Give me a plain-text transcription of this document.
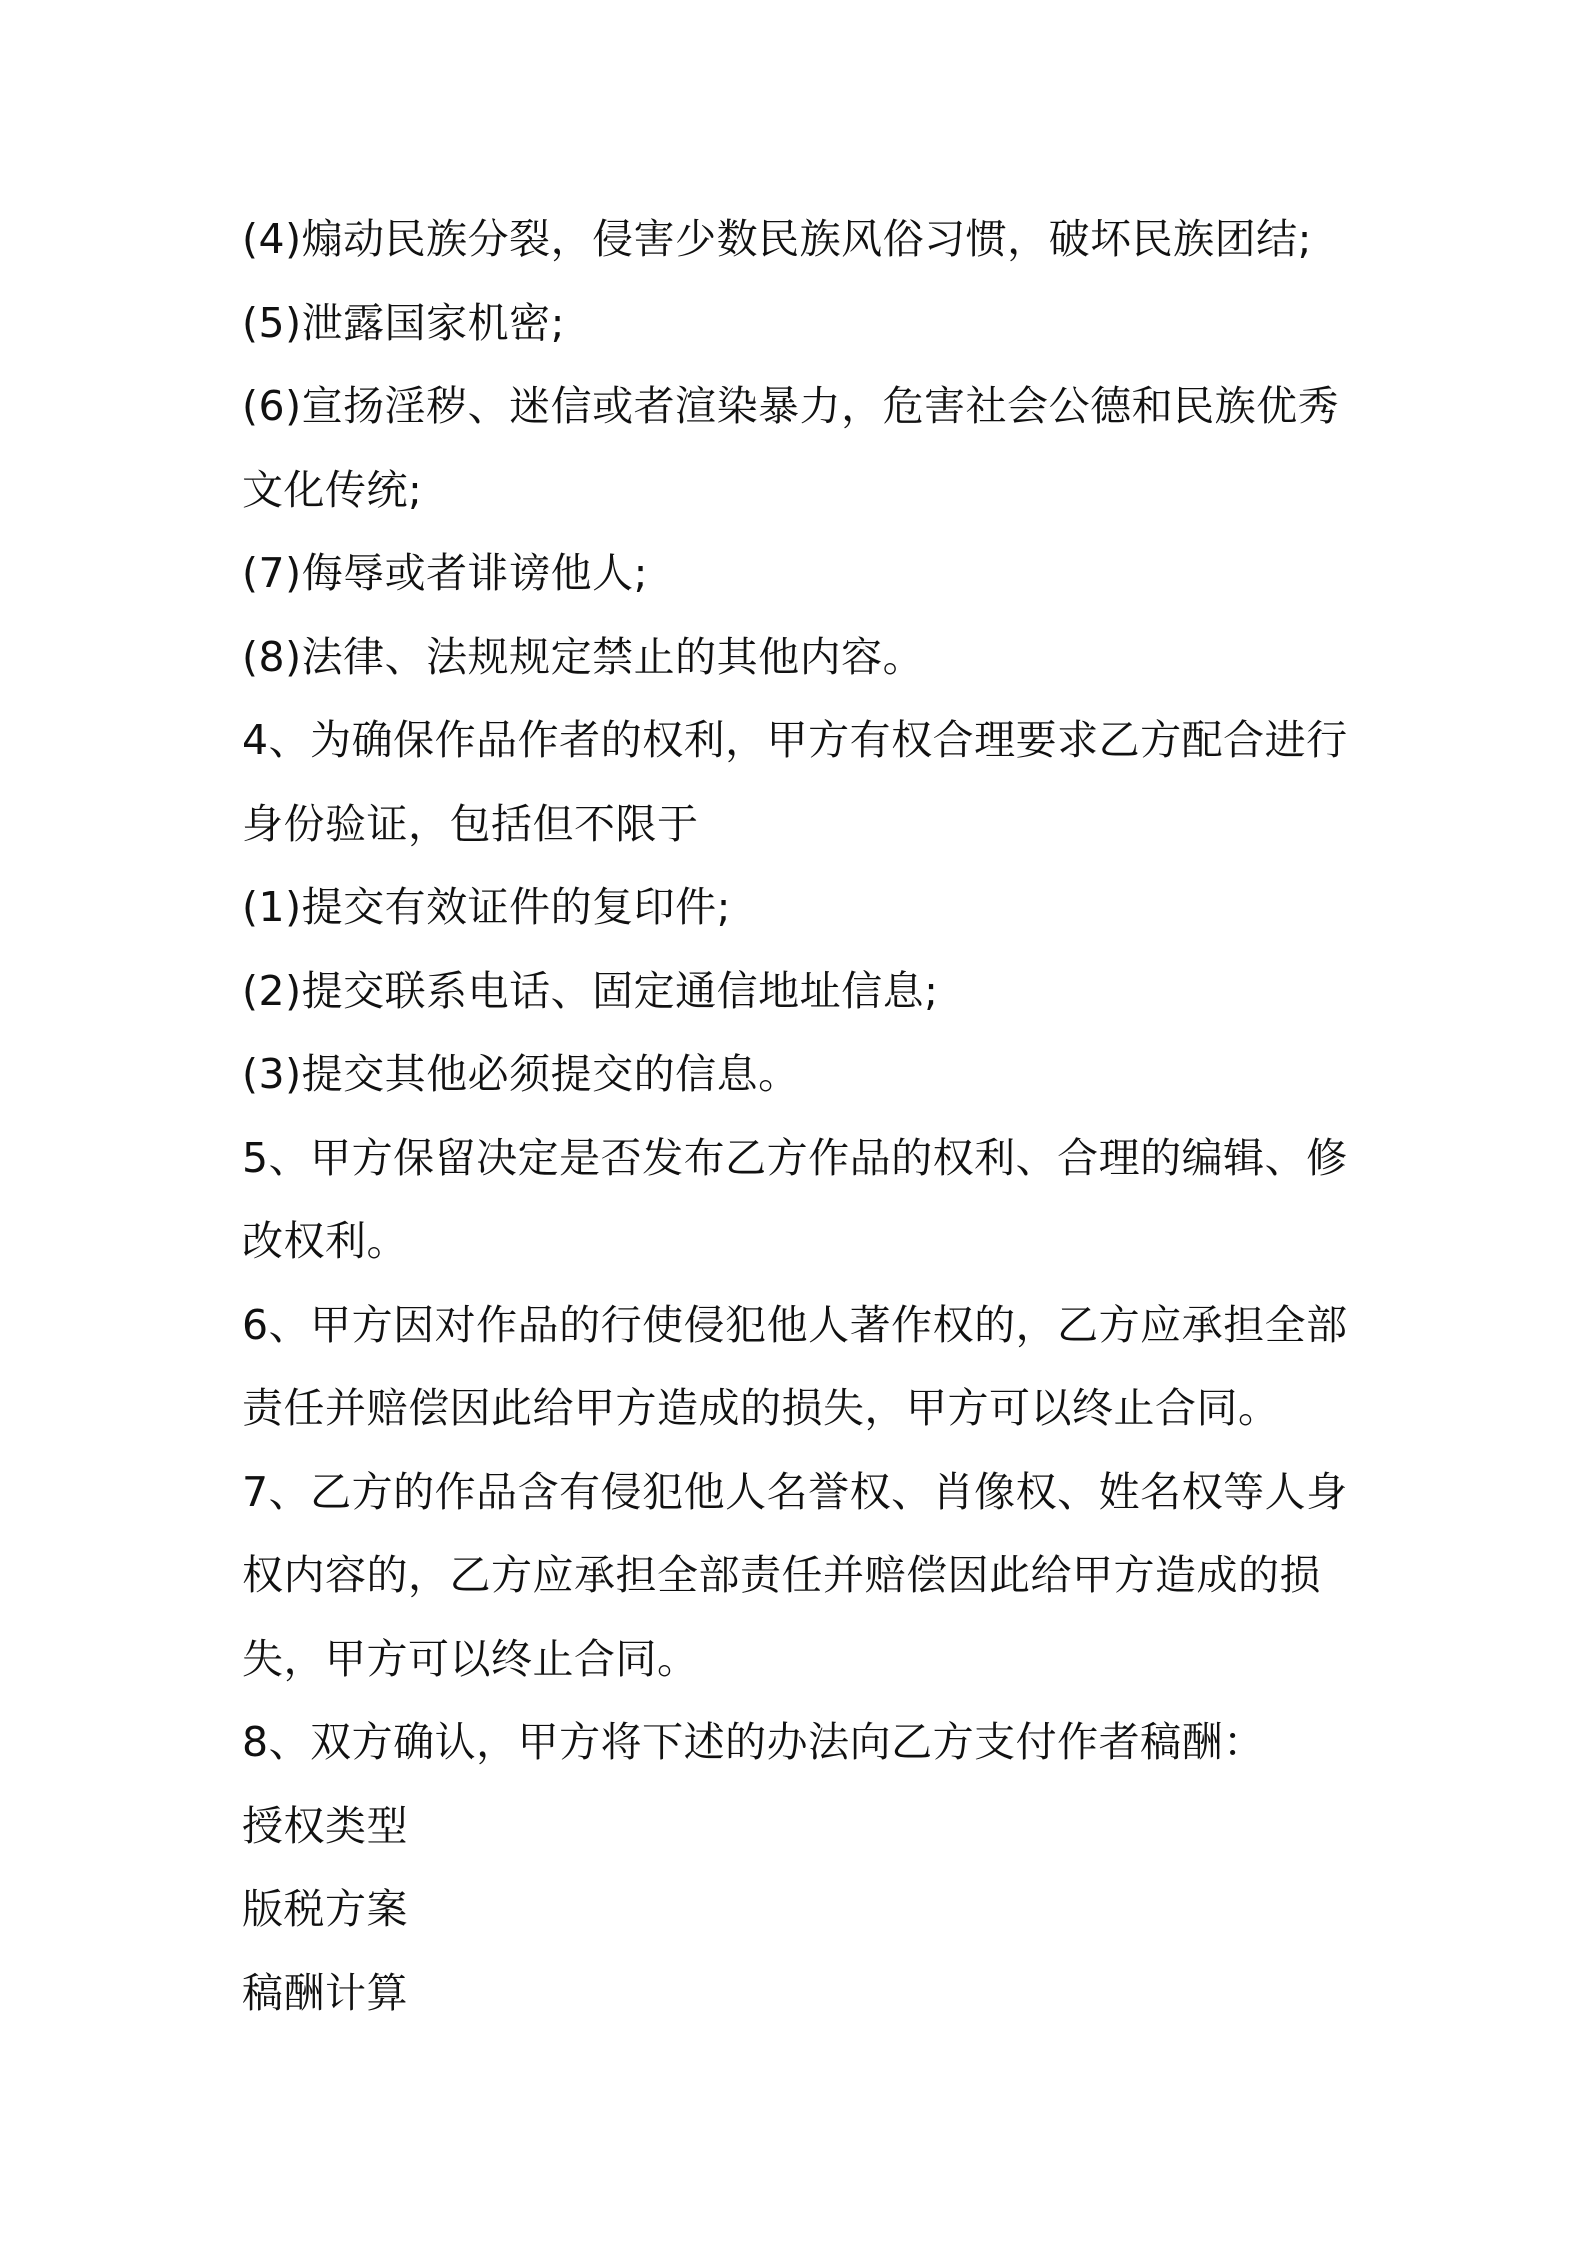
(4)煽动民族分裂，侵害少数民族风俗习惯，破坏民族团结;

(5)泄露国家机密;

(6)宣扬淫秽、迷信或者渲染暴力，危害社会公德和民族优秀文化传统;

(7)侮辱或者诽谤他人;

(8)法律、法规规定禁止的其他内容。

4、为确保作品作者的权利，甲方有权合理要求乙方配合进行身份验证，包括但不限于

(1)提交有效证件的复印件;

(2)提交联系电话、固定通信地址信息;

(3)提交其他必须提交的信息。

5、甲方保留决定是否发布乙方作品的权利、合理的编辑、修改权利。

6、甲方因对作品的行使侵犯他人著作权的，乙方应承担全部责任并赔偿因此给甲方造成的损失，甲方可以终止合同。

7、乙方的作品含有侵犯他人名誉权、肖像权、姓名权等人身权内容的，乙方应承担全部责任并赔偿因此给甲方造成的损失，甲方可以终止合同。

8、双方确认，甲方将下述的办法向乙方支付作者稿酬：

授权类型

版税方案

稿酬计算
